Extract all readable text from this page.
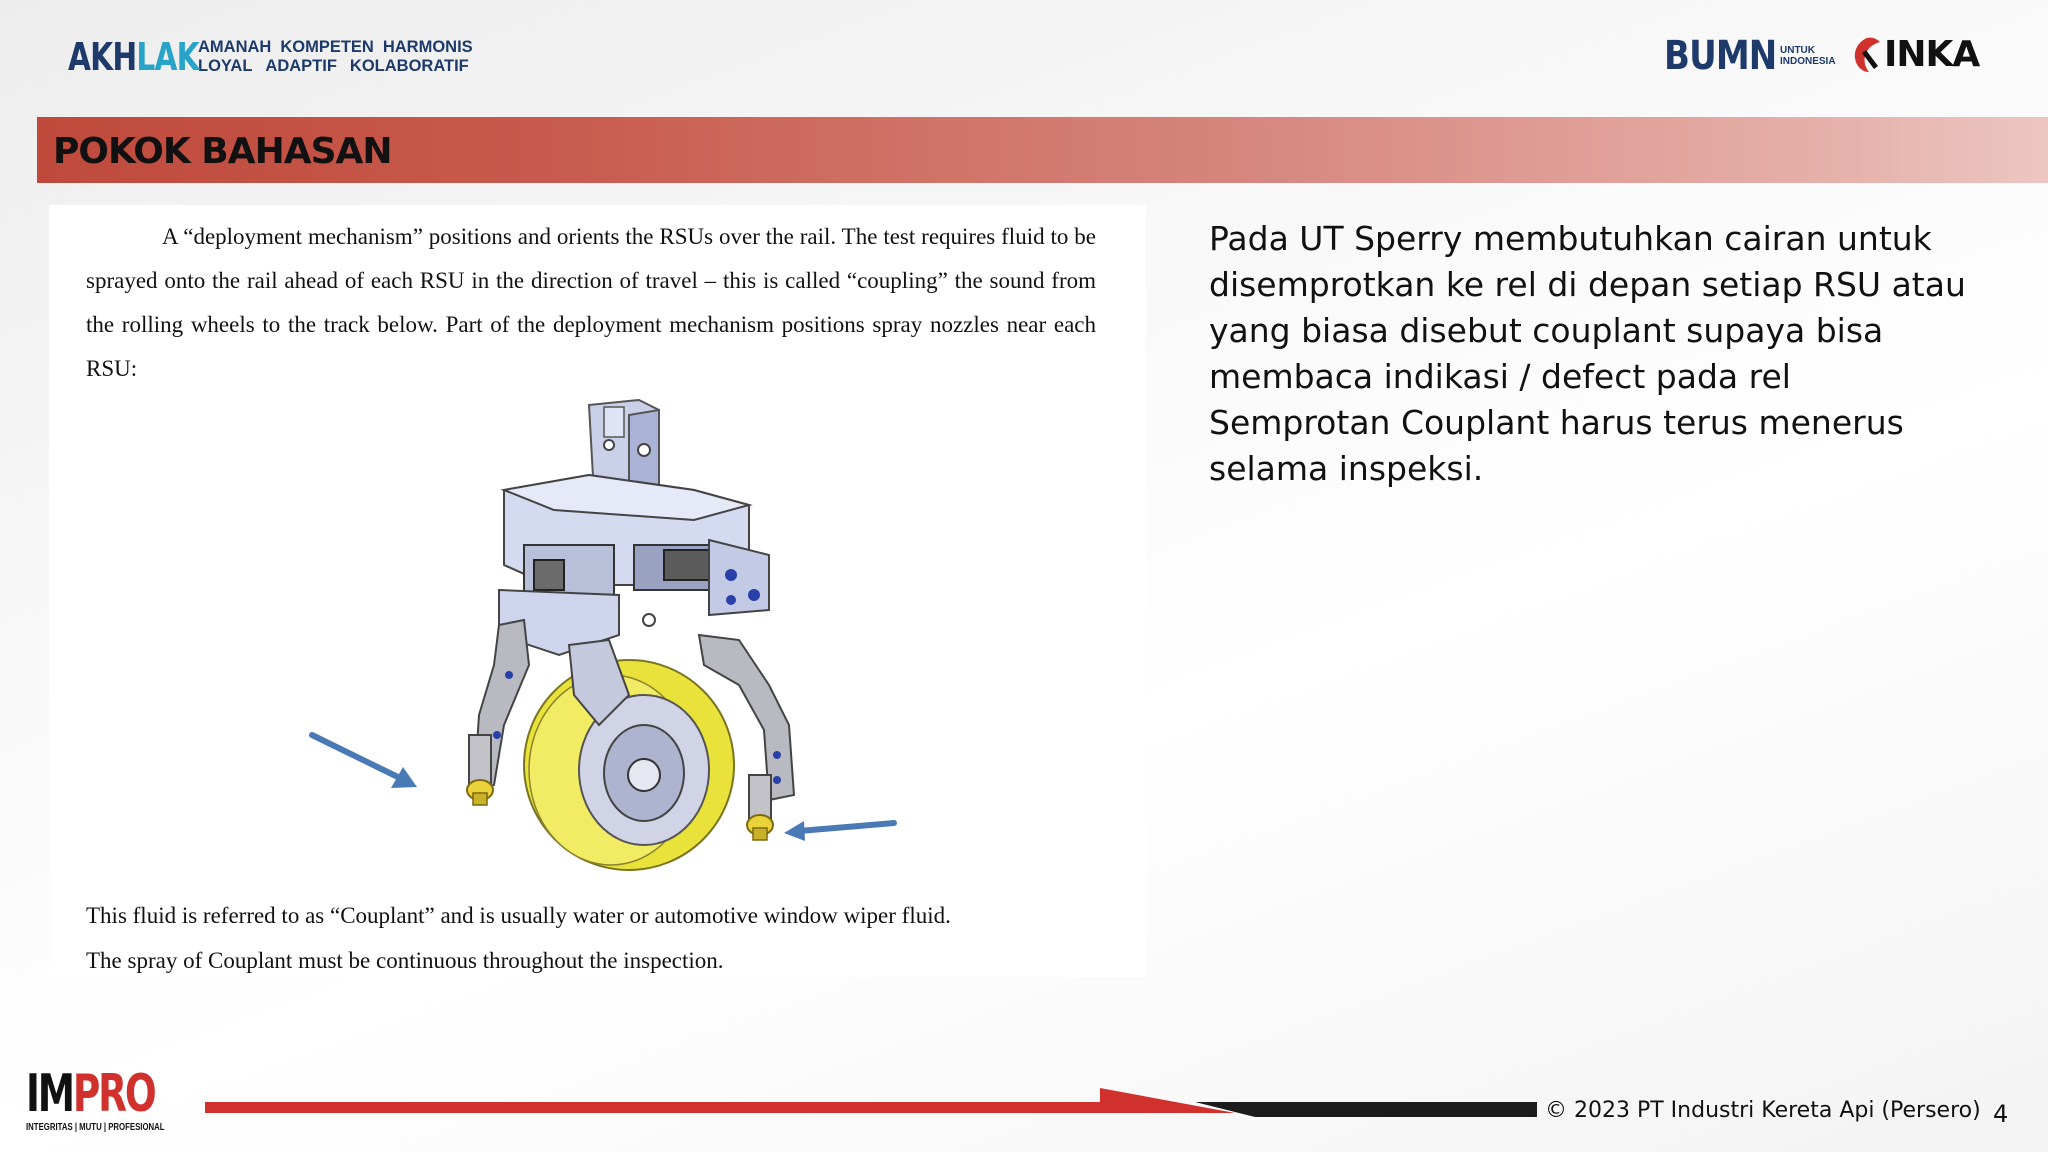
AKHLAK AMANAH KOMPETEN HARMONIS
LOYAL ADAPTIF KOLABORATIF	BUMN UNTUK
INDONESIA INKA
POKOK BAHASAN

A “deployment mechanism” positions and orients the RSUs over the rail. The test requires fluid to be sprayed onto the rail ahead of each RSU in the direction of travel – this is called “coupling” the sound from the rolling wheels to the track below. Part of the deployment mechanism positions spray nozzles near each RSU:

This fluid is referred to as “Couplant” and is usually water or automotive window wiper fluid.
The spray of Couplant must be continuous throughout the inspection.

Pada UT Sperry membutuhkan cairan untuk

disemprotkan ke rel di depan setiap RSU atau

yang biasa disebut couplant supaya bisa

membaca indikasi / defect pada rel

Semprotan Couplant harus terus menerus

selama inspeksi.

IMPRO
INTEGRITAS | MUTU | PROFESIONAL
© 2023 PT Industri Kereta Api (Persero) 4
